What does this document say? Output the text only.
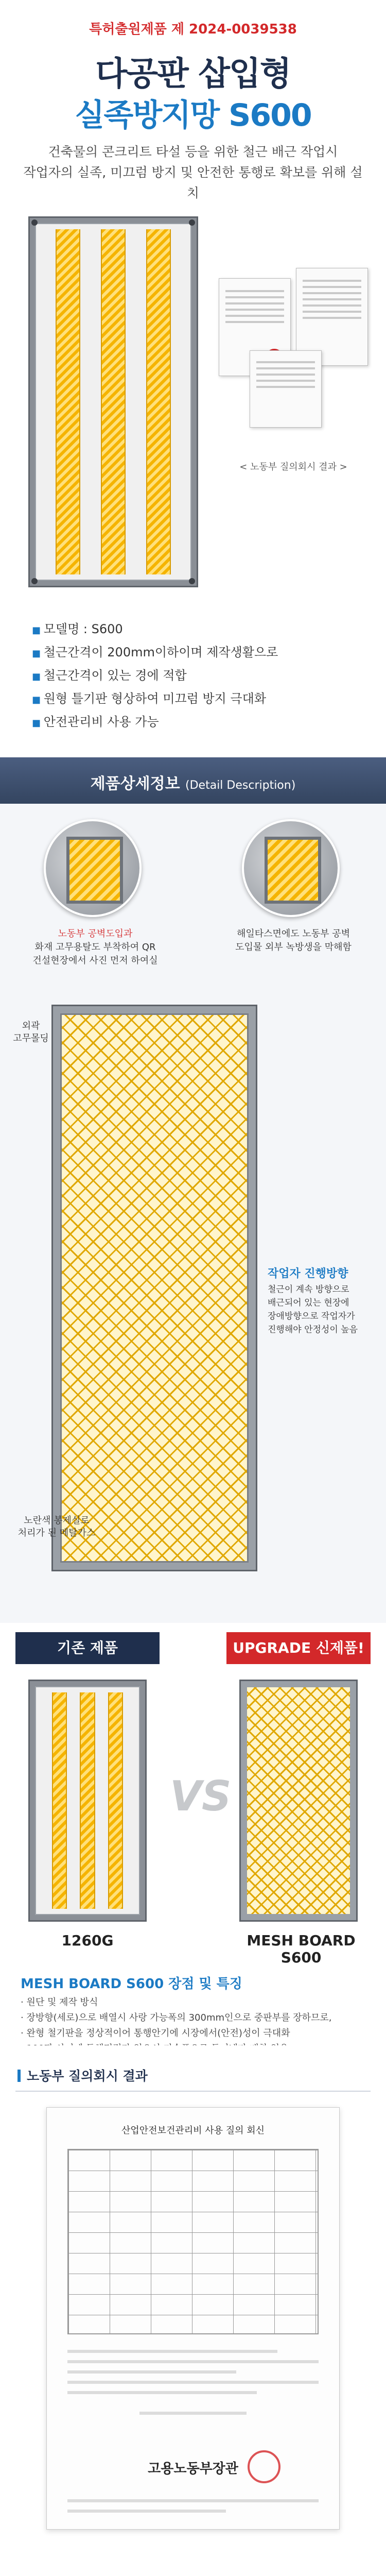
특허출원제품 제 2024-0039538
다공판 삽입형
실족방지망 S600
건축물의 콘크리트 타설 등을 위한 철근 배근 작업시
작업자의 실족, 미끄럼 방지 및 안전한 통행로 확보를 위해 설치
< 노동부 질의회시 결과 >
■ 모델명 : S600
■ 철근간격이 200mm이하이며 제작생활으로
■ 철근간격이 있는 경에 적합
■ 원형 틀기판 형상하여 미끄럼 방지 극대화
■ 안전관리비 사용 가능
제품상세정보 (Detail Description)
노동부 공벽도입과
화재 고무용탈도 부착하여 QR
건설현장에서 사진 먼저 하여실
해일타스면에도 노동부 공벽
도입물 외부 녹방생을 막해함
외곽
고무몰딩
노란색 봉제실로
처리가 된 메탈가스
작업자 진행방향
철근이 계속 방향으로
배근되어 있는 현장에
장애방향으로 작업자가
진행해야 안정성이 높음
기존 제품	UPGRADE 신제품!
VS
1260G	MESH BOARD S600
MESH BOARD S600 장점 및 특징
· 원단 및 제작 방식
· 장방향(세로)으로 배열시 사랑 가능폭의 300mm인으로 중판부를 장하므로,
· 완형 철기판을 정상적이어 통행안기에 시장에서(안전)성이 극대화
·
노동부 질의회시 결과
산업안전보건관리비 사용 질의 회신
고용노동부장관
